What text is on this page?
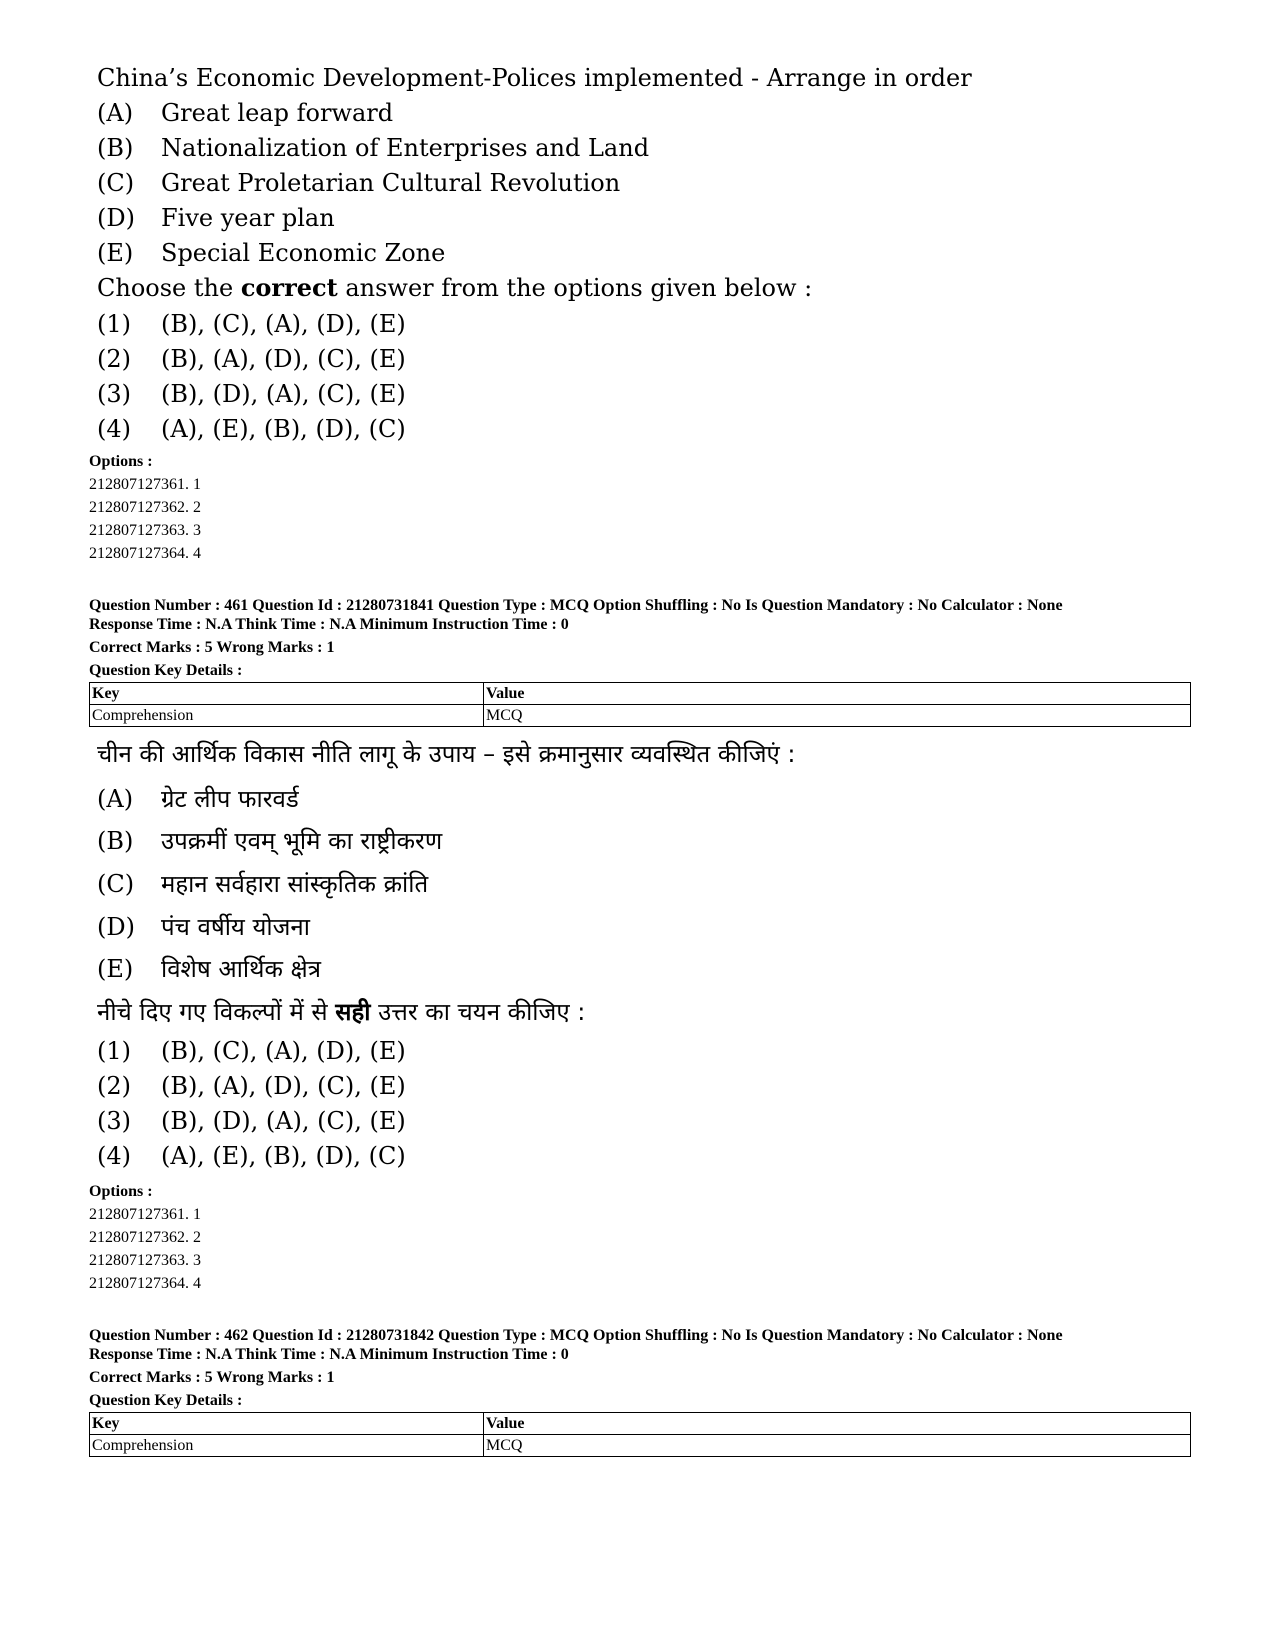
China’s Economic Development-Polices implemented - Arrange in order
(A) Great leap forward
(B) Nationalization of Enterprises and Land
(C) Great Proletarian Cultural Revolution
(D) Five year plan
(E) Special Economic Zone
Choose the correct answer from the options given below :
(1) (B), (C), (A), (D), (E)
(2) (B), (A), (D), (C), (E)
(3) (B), (D), (A), (C), (E)
(4) (A), (E), (B), (D), (C)
Options :
212807127361. 1
212807127362. 2
212807127363. 3
212807127364. 4
Question Number : 461 Question Id : 21280731841 Question Type : MCQ Option Shuffling : No Is Question Mandatory : No Calculator : None
Response Time : N.A Think Time : N.A Minimum Instruction Time : 0
Correct Marks : 5 Wrong Marks : 1
Question Key Details :
Key	Value
Comprehension	MCQ
चीन की आर्थिक विकास नीति लागू के उपाय – इसे क्रमानुसार व्यवस्थित कीजिएं :
(A) ग्रेट लीप फारवर्ड
(B) उपक्रमीं एवम् भूमि का राष्ट्रीकरण
(C) महान सर्वहारा सांस्कृतिक क्रांति
(D) पंच वर्षीय योजना
(E) विशेष आर्थिक क्षेत्र
नीचे दिए गए विकल्पों में से सही उत्तर का चयन कीजिए :
(1) (B), (C), (A), (D), (E)
(2) (B), (A), (D), (C), (E)
(3) (B), (D), (A), (C), (E)
(4) (A), (E), (B), (D), (C)
Options :
212807127361. 1
212807127362. 2
212807127363. 3
212807127364. 4
Question Number : 462 Question Id : 21280731842 Question Type : MCQ Option Shuffling : No Is Question Mandatory : No Calculator : None
Response Time : N.A Think Time : N.A Minimum Instruction Time : 0
Correct Marks : 5 Wrong Marks : 1
Question Key Details :
Key	Value
Comprehension	MCQ
